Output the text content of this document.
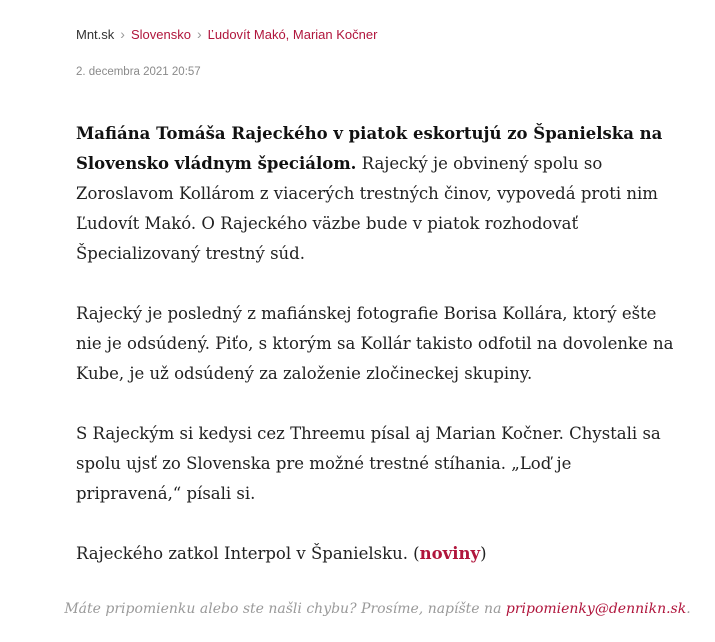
Mnt.sk › Slovensko › Ľudovít Makó, Marian Kočner
2. decembra 2021 20:57

Mafiána Tomáša Rajeckého v piatok eskortujú zo Španielska na Slovensko vládnym špeciálom. Rajecký je obvinený spolu so Zoroslavom Kollárom z viacerých trestných činov, vypovedá proti nim Ľudovít Makó. O Rajeckého väzbe bude v piatok rozhodovať Špecializovaný trestný súd.

Rajecký je posledný z mafiánskej fotografie Borisa Kollára, ktorý ešte nie je odsúdený. Piťo, s ktorým sa Kollár takisto odfotil na dovolenke na Kube, je už odsúdený za založenie zločineckej skupiny.

S Rajeckým si kedysi cez Threemu písal aj Marian Kočner. Chystali sa spolu ujsť zo Slovenska pre možné trestné stíhania. „Loď je pripravená,“ písali si.

Rajeckého zatkol Interpol v Španielsku. (noviny)

Máte pripomienku alebo ste našli chybu? Prosíme, napíšte na pripomienky@dennikn.sk.
